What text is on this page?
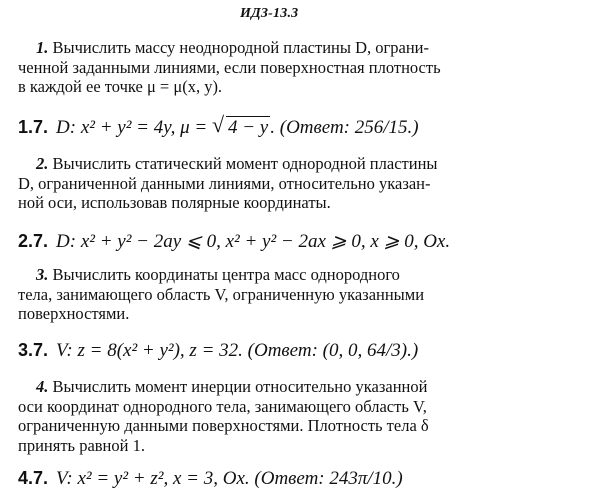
ИДЗ-13.3
1. Вычислить массу неоднородной пластины D, ограни-
ченной заданными линиями, если поверхностная плотность
в каждой ее точке μ = μ(x, y).
1.7. D: x² + y² = 4y, μ = √ 4 − y . (Ответ: 256/15.)
2. Вычислить статический момент однородной пластины
D, ограниченной данными линиями, относительно указан-
ной оси, использовав полярные координаты.
2.7. D: x² + y² − 2ay ⩽ 0, x² + y² − 2ax ⩾ 0, x ⩾ 0, Ox.
3. Вычислить координаты центра масс однородного
тела, занимающего область V, ограниченную указанными
поверхностями.
3.7. V: z = 8(x² + y²), z = 32. (Ответ: (0, 0, 64/3).)
4. Вычислить момент инерции относительно указанной
оси координат однородного тела, занимающего область V,
ограниченную данными поверхностями. Плотность тела δ
принять равной 1.
4.7. V: x² = y² + z², x = 3, Ox. (Ответ: 243π/10.)
